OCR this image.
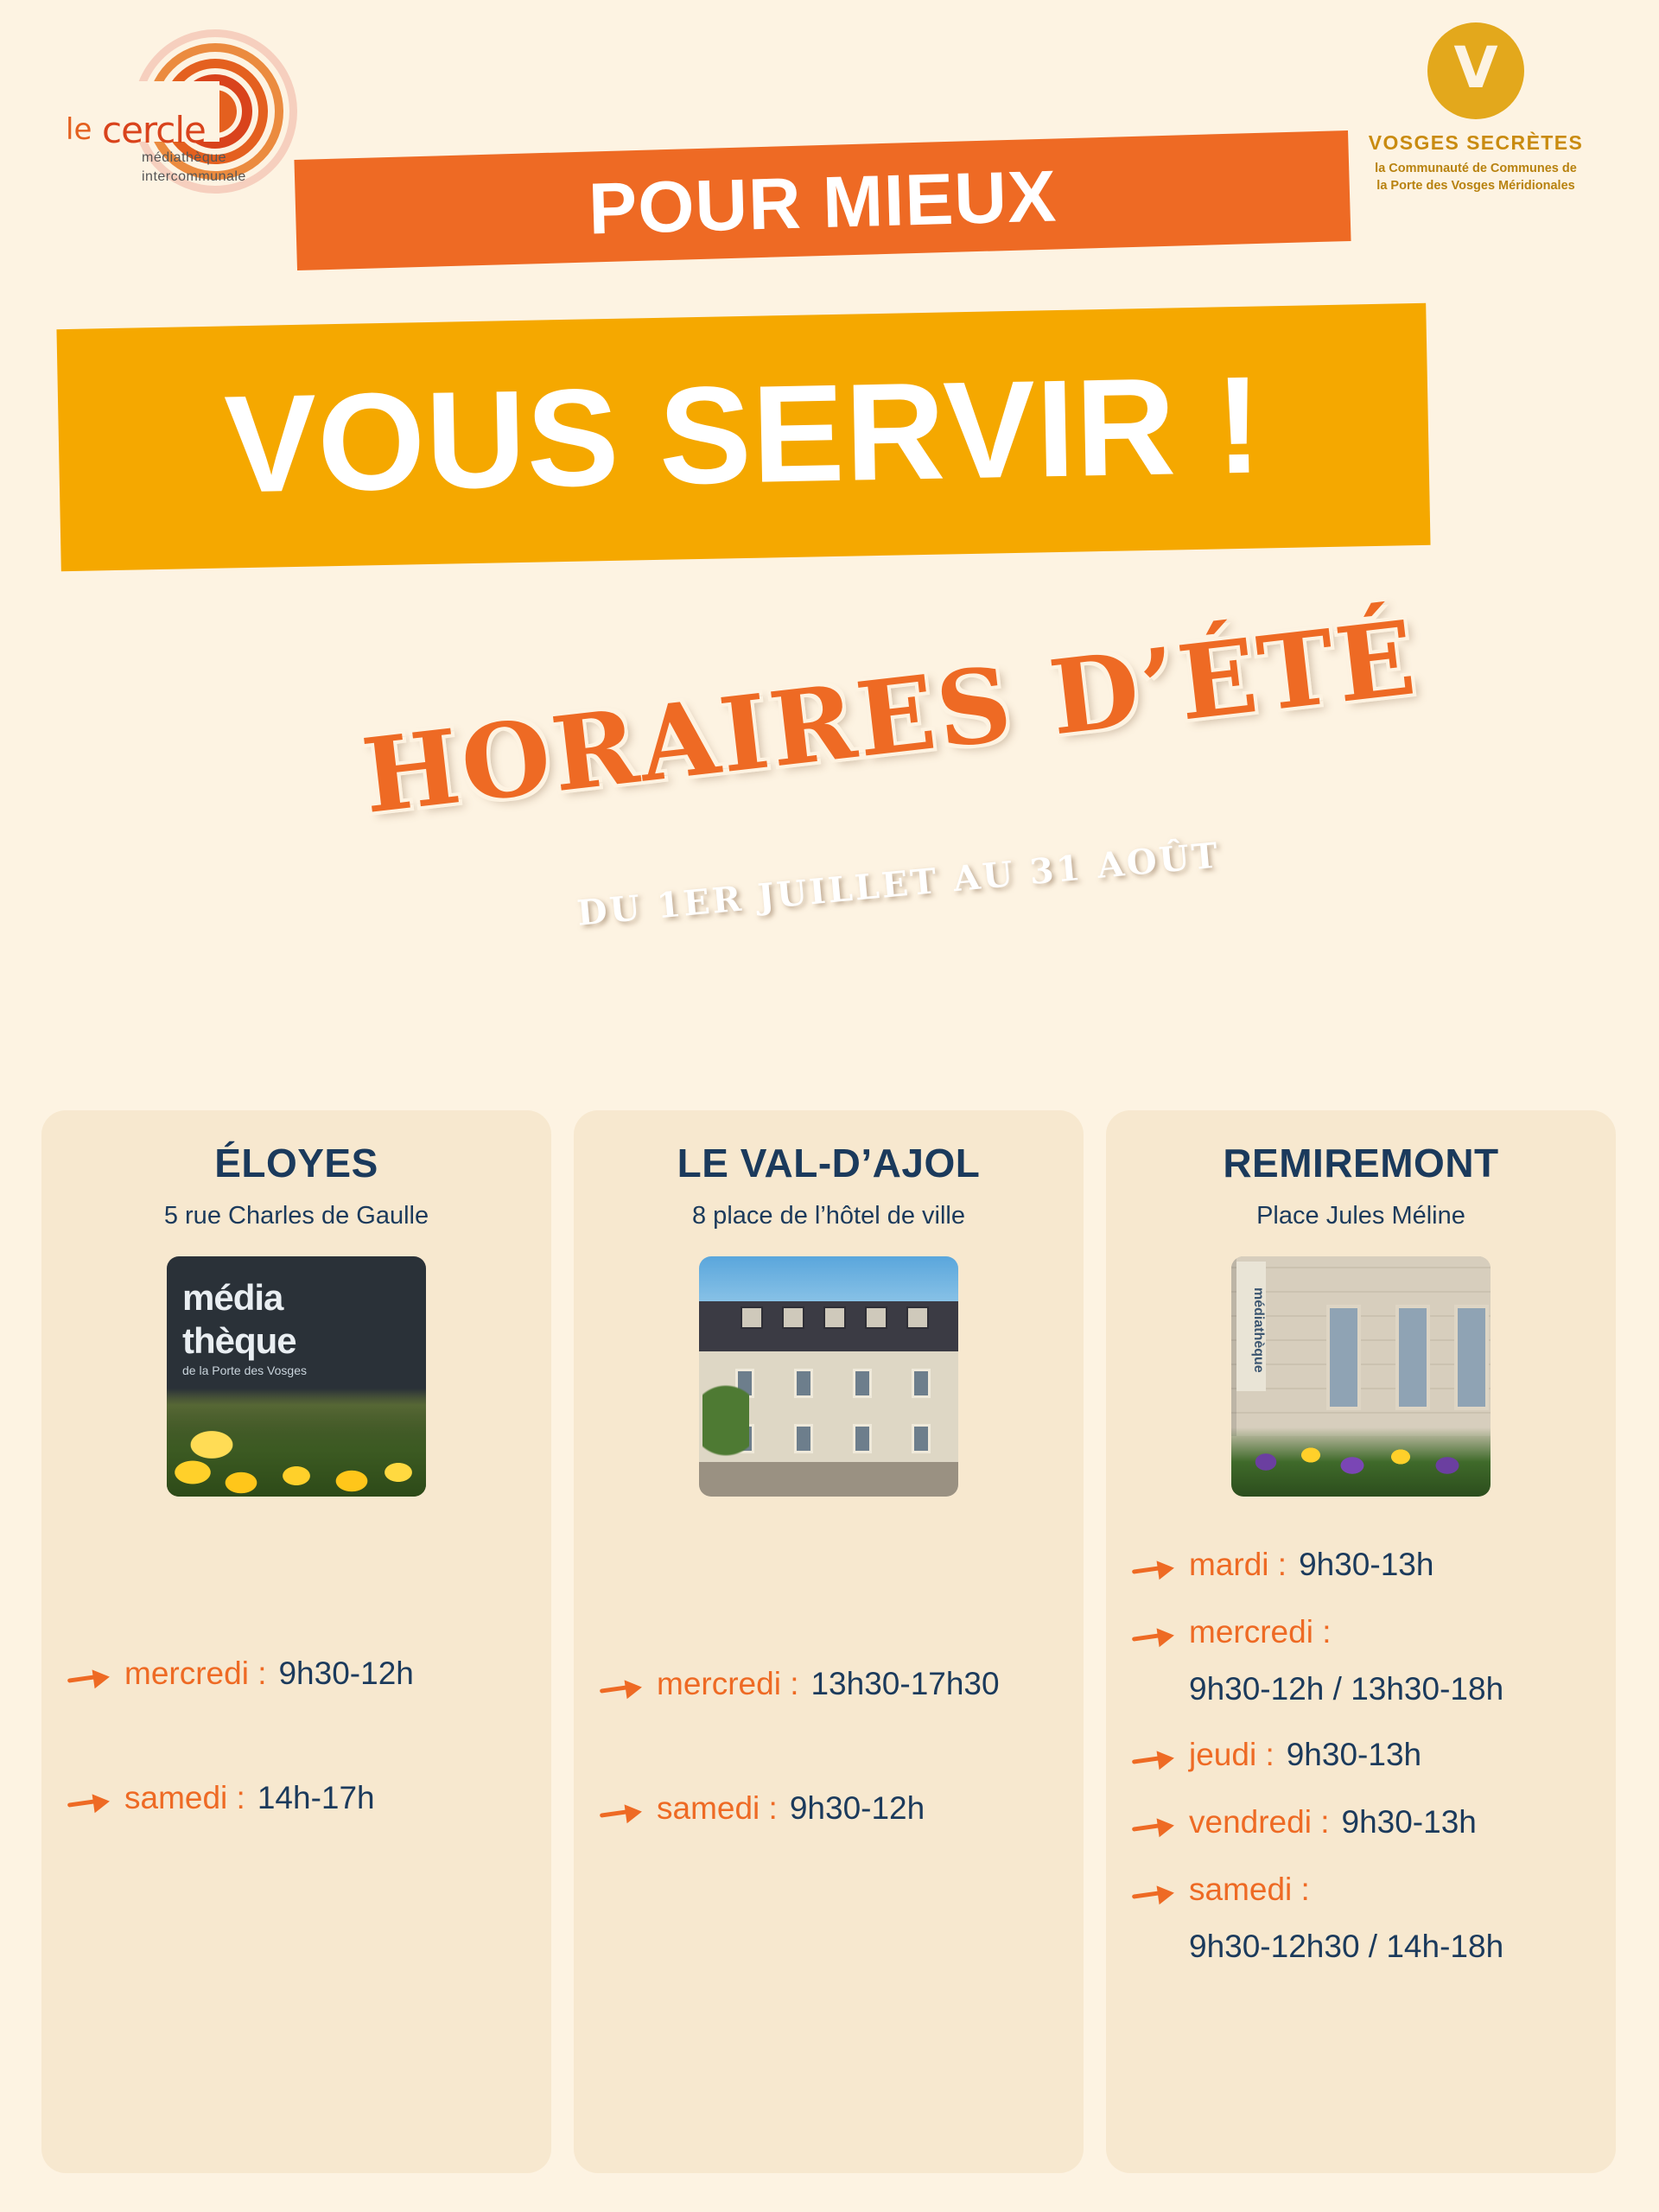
le cercle
médiathèque
intercommunale
V
VOSGES SECRÈTES
la Communauté de Communes de
la Porte des Vosges Méridionales
POUR MIEUX
VOUS SERVIR !
HORAIRES D’ÉTÉ
DU 1ER JUILLET AU 31 AOÛT
ÉLOYES
5 rue Charles de Gaulle
média
thèque
de la Porte des Vosges
mercredi : 9h30-12h
samedi : 14h-17h
LE VAL-D’AJOL
8 place de l’hôtel de ville
mercredi : 13h30-17h30
samedi : 9h30-12h
REMIREMONT
Place Jules Méline
médiathèque
mardi : 9h30-13h
mercredi :
9h30-12h / 13h30-18h
jeudi : 9h30-13h
vendredi : 9h30-13h
samedi :
9h30-12h30 / 14h-18h
